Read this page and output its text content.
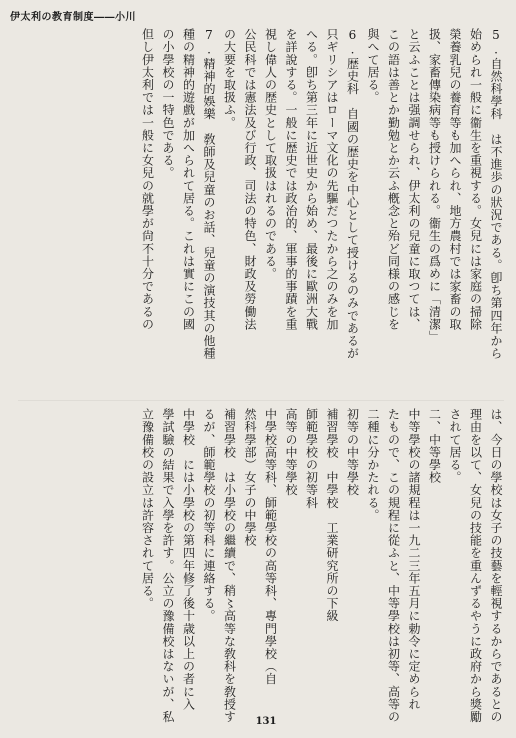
伊太利の教育制度――小川
5.自然科學科　は不進歩の狀況である。卽ち第四年から
始められ一般に衞生を重視する。女兒には家庭の掃除
榮養乳兒の養育等も加へられ、地方農村では家畜の取
扱、家畜傳染病等も授けられる。衞生の爲めに「清潔」
と云ふことは强調せられ、伊太利の兒童に取つては、
この語は善とか勤勉とか云ふ槪念と殆ど同様の感じを
與へて居る。
6.歴史科　自國の歴史を中心として授けるのみであるが
只ギリシアはローマ文化の先驅だつたから之のみを加
へる。卽ち第三年に近世史から始め、最後に歐洲大戰
を詳說する。一般に歴史では政治的、軍事的事蹟を重
視し偉人の歴史として取扱はれるのである。
公民科では憲法及び行政、司法の特色、財政及勞働法
の大要を取扱ふ。
7.精神的娛樂　敎師及兒童のお話、兒童の演技其の他種
種の精神的遊戲が加へられて居る。これは實にこの國
の小學校の一特色である。
但し伊太利では一般に女兒の就學が尙不十分であるの
は、今日の學校は女子の技藝を輕視するからであるとの
理由を以て、女兒の技能を重んずるやうに政府から獎勵
されて居る。
二、中等學校
中等學校の諸規程は一九二三年五月に勅令に定められ
たもので、この規程に從ふと、中等學校は初等、高等の
二種に分かたれる。
初等の中等學校
補習學校　中學校　工業研究所の下級
師範學校の初等科
高等の中等學校
中學校高等科、師範學校の高等科、專門學校（自
然科學部）女子の中學校
補習學校　は小學校の繼續で、稍〻高等な敎科を敎授す
るが、師範學校の初等科に連絡する。
中學校　には小學校の第四年修了後十歳以上の者に入
學試驗の結果で入學を許す。公立の豫備校はないが、私
立豫備校の設立は許容されて居る。
131
